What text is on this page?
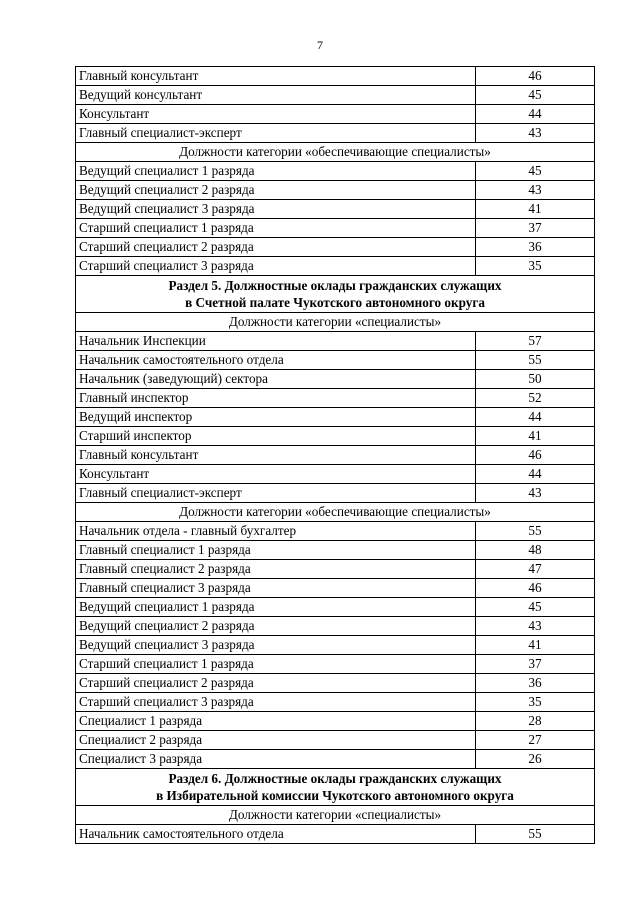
7
Главный консультант	46
Ведущий консультант	45
Консультант	44
Главный специалист-эксперт	43
Должности категории «обеспечивающие специалисты»	
Ведущий специалист 1 разряда	45
Ведущий специалист 2 разряда	43
Ведущий специалист 3 разряда	41
Старший специалист 1 разряда	37
Старший специалист 2 разряда	36
Старший специалист 3 разряда	35

Раздел 5. Должностные оклады гражданских служащих
в Счетной палате Чукотского автономного округа	

Должности категории «специалисты»	
Начальник Инспекции	57
Начальник самостоятельного отдела	55
Начальник (заведующий) сектора	50
Главный инспектор	52
Ведущий инспектор	44
Старший инспектор	41
Главный консультант	46
Консультант	44
Главный специалист-эксперт	43
Должности категории «обеспечивающие специалисты»	
Начальник отдела - главный бухгалтер	55
Главный специалист 1 разряда	48
Главный специалист 2 разряда	47
Главный специалист 3 разряда	46
Ведущий специалист 1 разряда	45
Ведущий специалист 2 разряда	43
Ведущий специалист 3 разряда	41
Старший специалист 1 разряда	37
Старший специалист 2 разряда	36
Старший специалист 3 разряда	35
Специалист 1 разряда	28
Специалист 2 разряда	27
Специалист 3 разряда	26

Раздел 6. Должностные оклады гражданских служащих
в Избирательной комиссии Чукотского автономного округа	

Должности категории «специалисты»	
Начальник самостоятельного отдела	55
